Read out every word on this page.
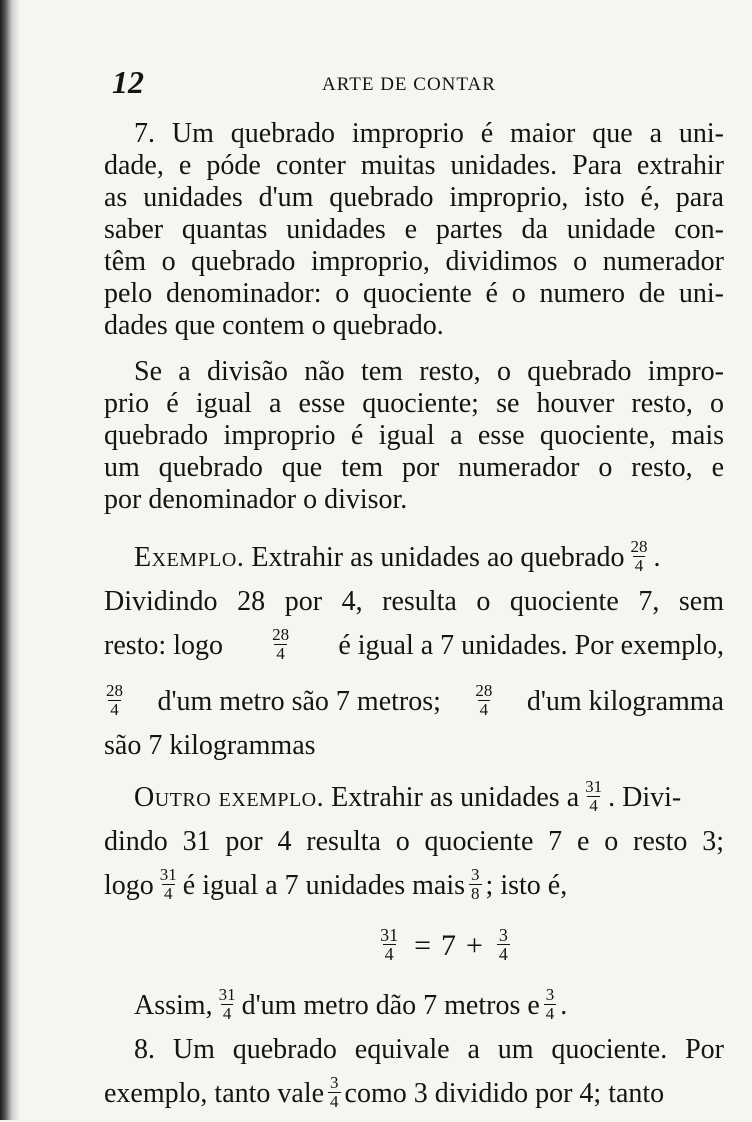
12	ARTE DE CONTAR
7. Um quebrado improprio é maior que a uni-
dade, e póde conter muitas unidades. Para extrahir
as unidades d'um quebrado improprio, isto é, para
saber quantas unidades e partes da unidade con-
têm o quebrado improprio, dividimos o numerador
pelo denominador: o quociente é o numero de uni-
dades que contem o quebrado.
Se a divisão não tem resto, o quebrado impro-
prio é igual a esse quociente; se houver resto, o
quebrado improprio é igual a esse quociente, mais
um quebrado que tem por numerador o resto, e
por denominador o divisor.
Exemplo.
Extrahir as unidades ao quebrado $\frac{28}{4}$ .
Dividindo 28 por 4, resulta o quociente 7, sem
resto: logo	$\frac{28}{4}$ é igual a 7 unidades. Por exemplo,
$\frac{28}{4} d'um$ metro são 7 metros; $\frac{28}{4} d'um$ kilogramma
são 7 kilogrammas
Outro exemplo.
Extrahir as unidades a $\frac{31}{4}$ . Divi-
dindo 31 por 4 resulta o quociente 7 e o resto 3;
logo $\frac{31}{4}$ é igual a 7 unidades mais $\frac{3}{8}$ ; isto é,
$\frac{31}{4} = 7 + \frac{3}{4}$
Assim, $\frac{31}{4} d'um$ metro dão 7 metros e $\frac{3}{4}$ .
8. Um quebrado equivale a um quociente. Por
exemplo, tanto vale $\frac{3}{4}$ como 3 dividido por 4; tanto
